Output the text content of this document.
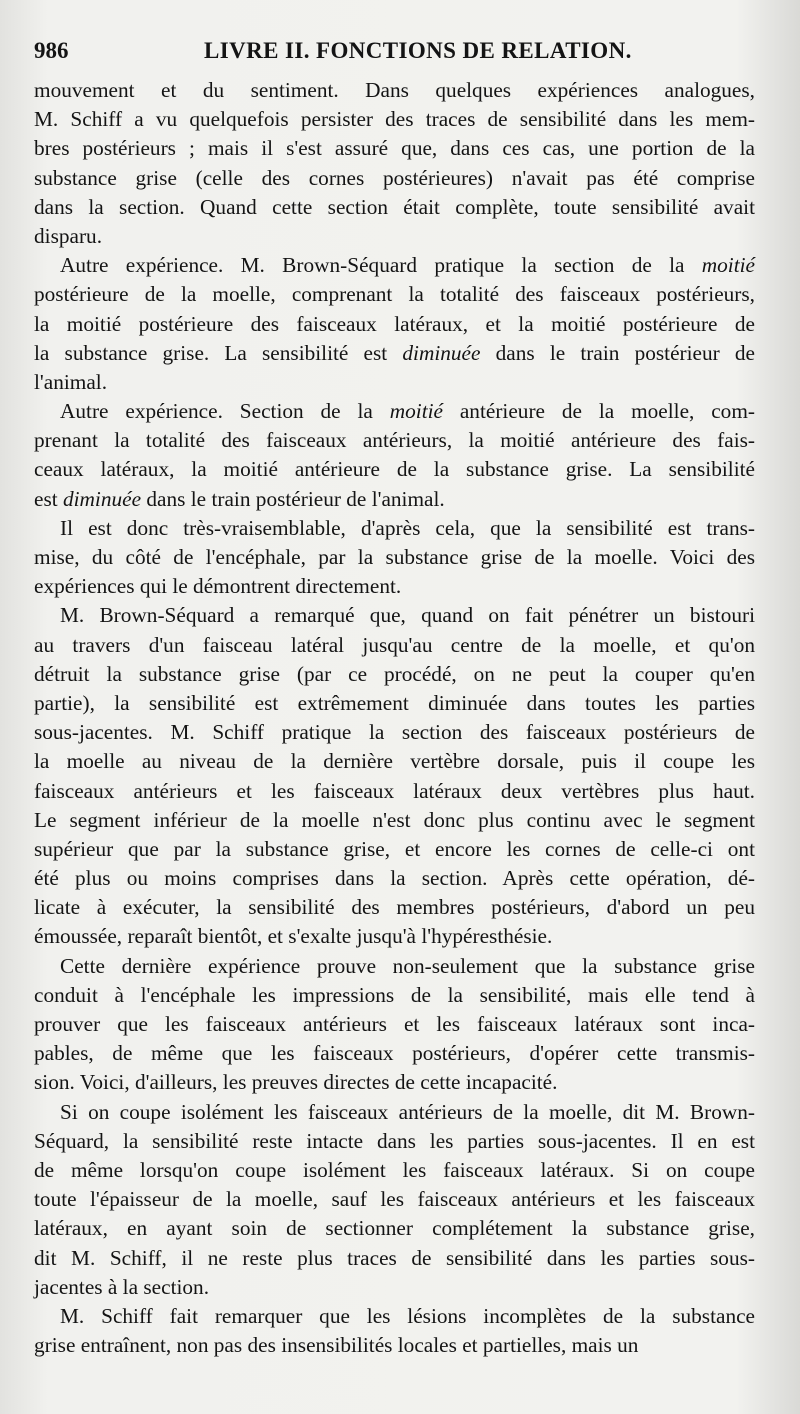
986	LIVRE II. FONCTIONS DE RELATION.
mouvement et du sentiment. Dans quelques expériences analogues,
M. Schiff a vu quelquefois persister des traces de sensibilité dans les mem-
bres postérieurs ; mais il s'est assuré que, dans ces cas, une portion de la
substance grise (celle des cornes postérieures) n'avait pas été comprise
dans la section. Quand cette section était complète, toute sensibilité avait
disparu.
Autre expérience. M. Brown-Séquard pratique la section de la moitié
postérieure de la moelle, comprenant la totalité des faisceaux postérieurs,
la moitié postérieure des faisceaux latéraux, et la moitié postérieure de
la substance grise. La sensibilité est diminuée dans le train postérieur de
l'animal.
Autre expérience. Section de la moitié antérieure de la moelle, com-
prenant la totalité des faisceaux antérieurs, la moitié antérieure des fais-
ceaux latéraux, la moitié antérieure de la substance grise. La sensibilité
est diminuée dans le train postérieur de l'animal.
Il est donc très-vraisemblable, d'après cela, que la sensibilité est trans-
mise, du côté de l'encéphale, par la substance grise de la moelle. Voici des
expériences qui le démontrent directement.
M. Brown-Séquard a remarqué que, quand on fait pénétrer un bistouri
au travers d'un faisceau latéral jusqu'au centre de la moelle, et qu'on
détruit la substance grise (par ce procédé, on ne peut la couper qu'en
partie), la sensibilité est extrêmement diminuée dans toutes les parties
sous-jacentes. M. Schiff pratique la section des faisceaux postérieurs de
la moelle au niveau de la dernière vertèbre dorsale, puis il coupe les
faisceaux antérieurs et les faisceaux latéraux deux vertèbres plus haut.
Le segment inférieur de la moelle n'est donc plus continu avec le segment
supérieur que par la substance grise, et encore les cornes de celle-ci ont
été plus ou moins comprises dans la section. Après cette opération, dé-
licate à exécuter, la sensibilité des membres postérieurs, d'abord un peu
émoussée, reparaît bientôt, et s'exalte jusqu'à l'hypéresthésie.
Cette dernière expérience prouve non-seulement que la substance grise
conduit à l'encéphale les impressions de la sensibilité, mais elle tend à
prouver que les faisceaux antérieurs et les faisceaux latéraux sont inca-
pables, de même que les faisceaux postérieurs, d'opérer cette transmis-
sion. Voici, d'ailleurs, les preuves directes de cette incapacité.
Si on coupe isolément les faisceaux antérieurs de la moelle, dit M. Brown-
Séquard, la sensibilité reste intacte dans les parties sous-jacentes. Il en est
de même lorsqu'on coupe isolément les faisceaux latéraux. Si on coupe
toute l'épaisseur de la moelle, sauf les faisceaux antérieurs et les faisceaux
latéraux, en ayant soin de sectionner complétement la substance grise,
dit M. Schiff, il ne reste plus traces de sensibilité dans les parties sous-
jacentes à la section.
M. Schiff fait remarquer que les lésions incomplètes de la substance
grise entraînent, non pas des insensibilités locales et partielles, mais un
